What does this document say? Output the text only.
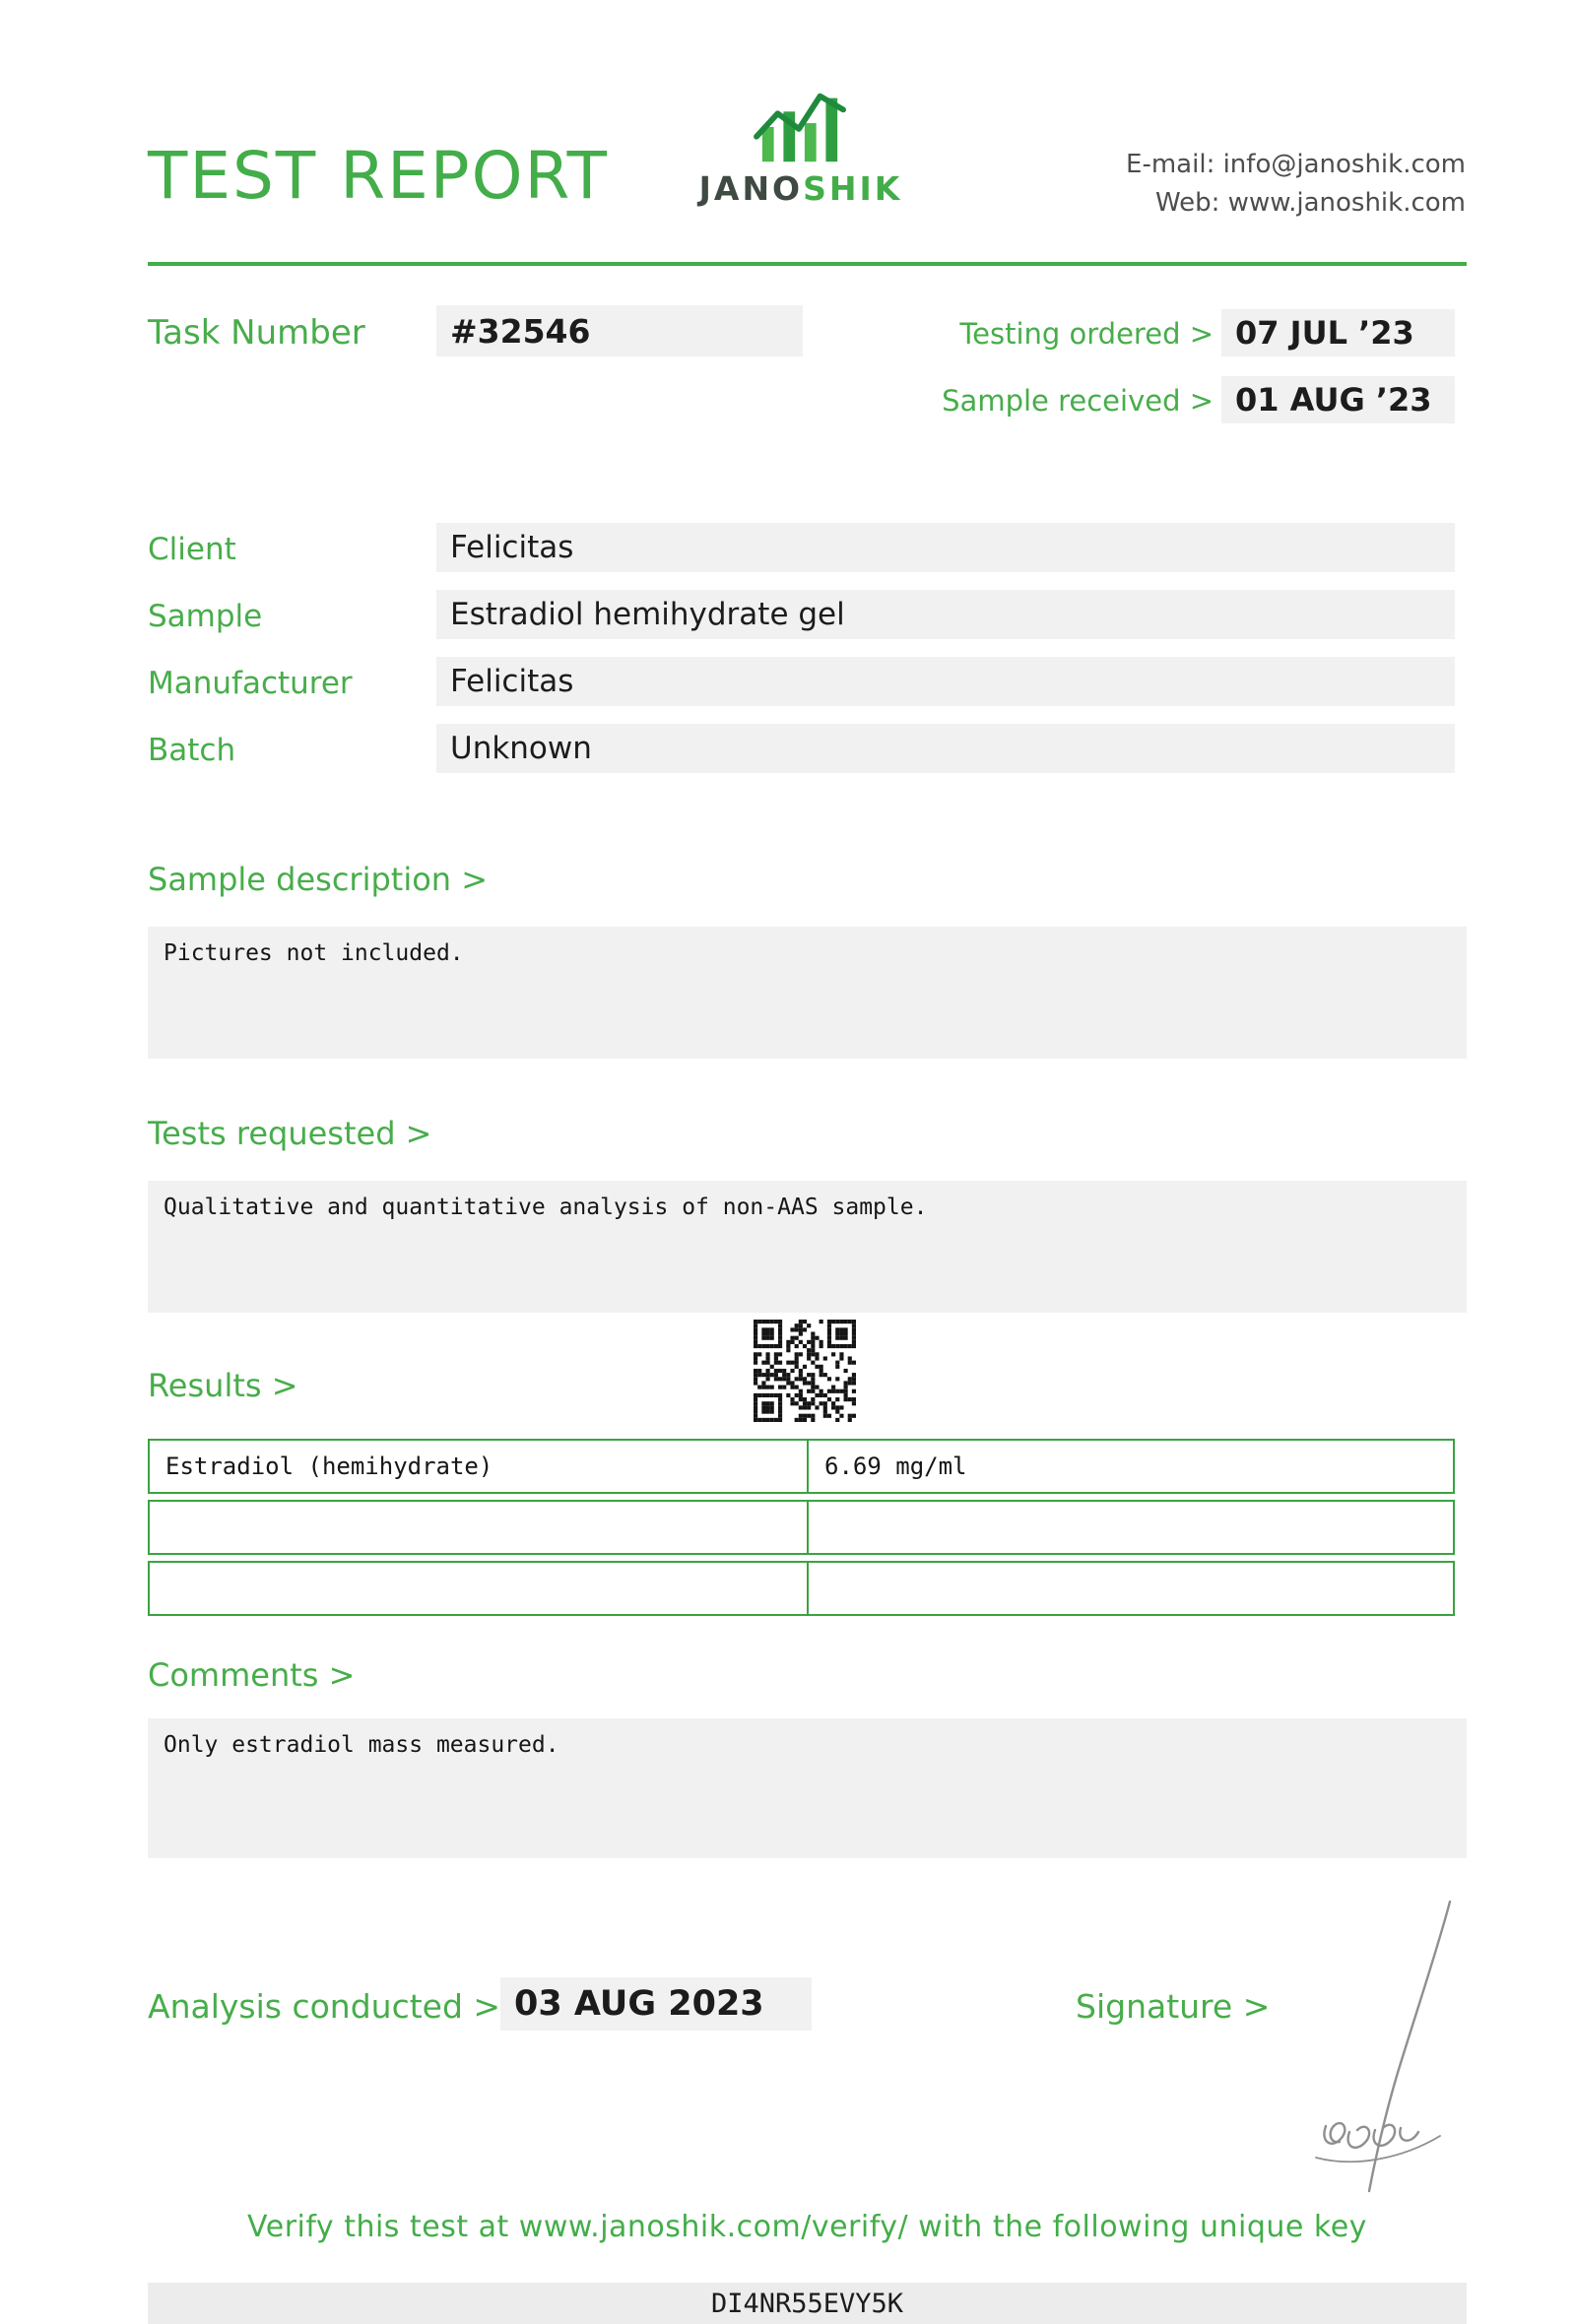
TEST REPORT	JANOSHIK
E-mail: info@janoshik.com
Web: www.janoshik.com
Task Number	#32546	Testing ordered > 07 JUL ’23
Sample received > 01 AUG ’23
Client	Felicitas
Sample	Estradiol hemihydrate gel
Manufacturer	Felicitas
Batch	Unknown
Sample description >
Pictures not included.
Tests requested >
Qualitative and quantitative analysis of non-AAS sample.
Results >
Estradiol (hemihydrate)	6.69 mg/ml
Comments >
Only estradiol mass measured.
Analysis conducted > 03 AUG 2023	Signature >
Verify this test at www.janoshik.com/verify/ with the following unique key
DI4NR55EVY5K
